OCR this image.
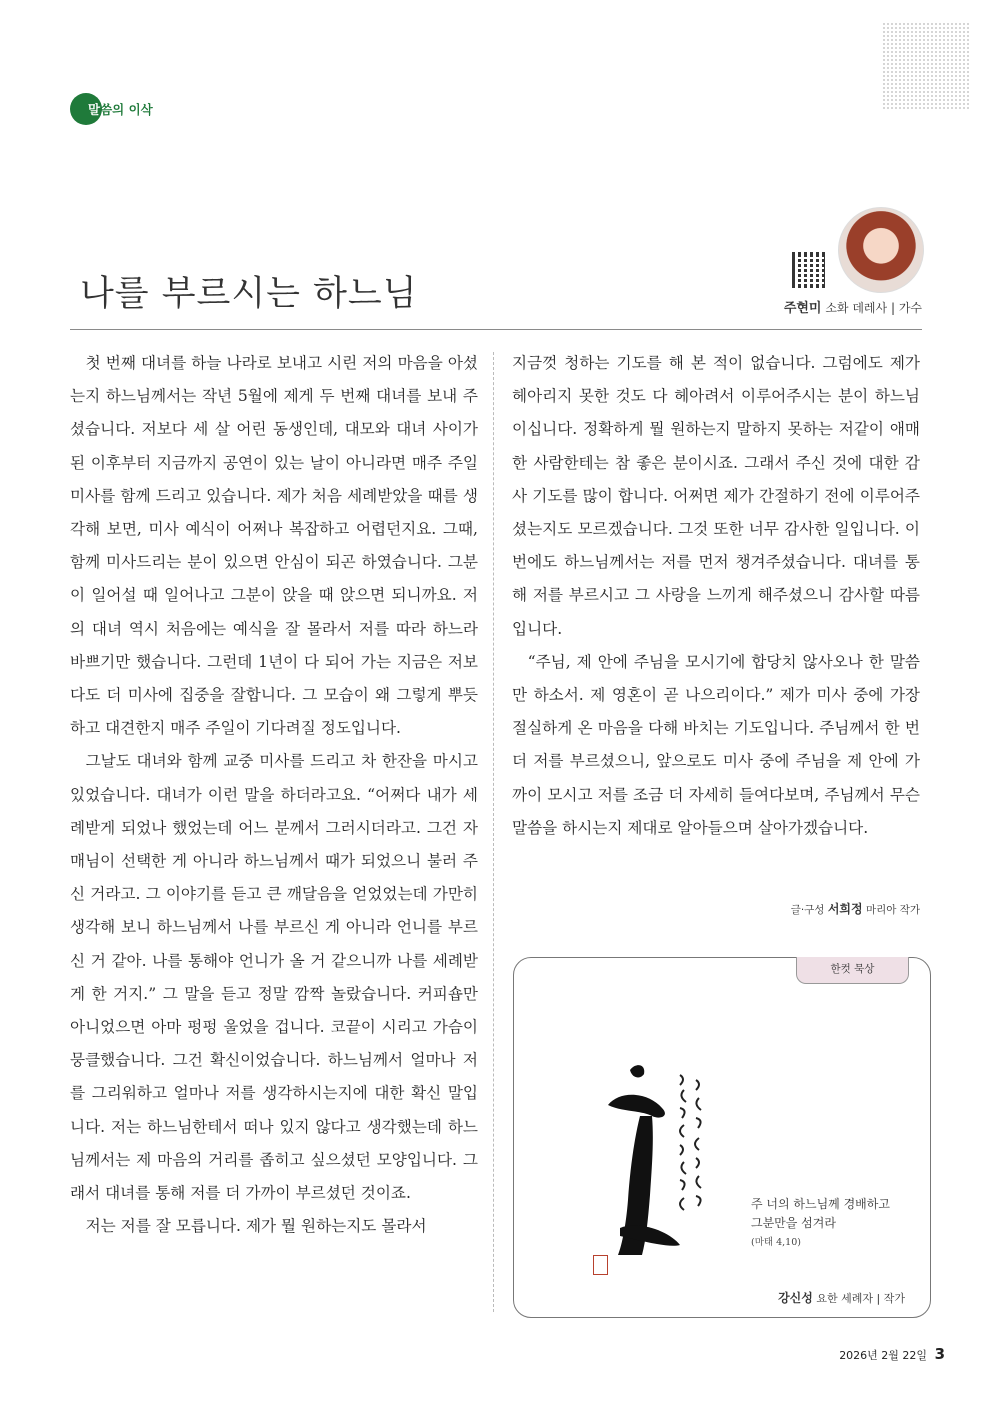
말씀의 이삭
나를 부르시는 하느님	주현미 소화 데레사 | 가수

첫 번째 대녀를 하늘 나라로 보내고 시린 저의 마음을 아셨는지 하느님께서는 작년 5월에 제게 두 번째 대녀를 보내 주셨습니다. 저보다 세 살 어린 동생인데, 대모와 대녀 사이가 된 이후부터 지금까지 공연이 있는 날이 아니라면 매주 주일미사를 함께 드리고 있습니다. 제가 처음 세례받았을 때를 생각해 보면, 미사 예식이 어쩌나 복잡하고 어렵던지요. 그때, 함께 미사드리는 분이 있으면 안심이 되곤 하였습니다. 그분이 일어설 때 일어나고 그분이 앉을 때 앉으면 되니까요. 저의 대녀 역시 처음에는 예식을 잘 몰라서 저를 따라 하느라 바쁘기만 했습니다. 그런데 1년이 다 되어 가는 지금은 저보다도 더 미사에 집중을 잘합니다. 그 모습이 왜 그렇게 뿌듯하고 대견한지 매주 주일이 기다려질 정도입니다.

그날도 대녀와 함께 교중 미사를 드리고 차 한잔을 마시고 있었습니다. 대녀가 이런 말을 하더라고요. “어쩌다 내가 세례받게 되었나 했었는데 어느 분께서 그러시더라고. 그건 자매님이 선택한 게 아니라 하느님께서 때가 되었으니 불러 주신 거라고. 그 이야기를 듣고 큰 깨달음을 얻었었는데 가만히 생각해 보니 하느님께서 나를 부르신 게 아니라 언니를 부르신 거 같아. 나를 통해야 언니가 올 거 같으니까 나를 세례받게 한 거지.” 그 말을 듣고 정말 깜짝 놀랐습니다. 커피숍만 아니었으면 아마 펑펑 울었을 겁니다. 코끝이 시리고 가슴이 뭉클했습니다. 그건 확신이었습니다. 하느님께서 얼마나 저를 그리워하고 얼마나 저를 생각하시는지에 대한 확신 말입니다. 저는 하느님한테서 떠나 있지 않다고 생각했는데 하느님께서는 제 마음의 거리를 좁히고 싶으셨던 모양입니다. 그래서 대녀를 통해 저를 더 가까이 부르셨던 것이죠.

저는 저를 잘 모릅니다. 제가 뭘 원하는지도 몰라서

지금껏 청하는 기도를 해 본 적이 없습니다. 그럼에도 제가 헤아리지 못한 것도 다 헤아려서 이루어주시는 분이 하느님이십니다. 정확하게 뭘 원하는지 말하지 못하는 저같이 애매한 사람한테는 참 좋은 분이시죠. 그래서 주신 것에 대한 감사 기도를 많이 합니다. 어쩌면 제가 간절하기 전에 이루어주셨는지도 모르겠습니다. 그것 또한 너무 감사한 일입니다. 이번에도 하느님께서는 저를 먼저 챙겨주셨습니다. 대녀를 통해 저를 부르시고 그 사랑을 느끼게 해주셨으니 감사할 따름입니다.

“주님, 제 안에 주님을 모시기에 합당치 않사오나 한 말씀만 하소서. 제 영혼이 곧 나으리이다.” 제가 미사 중에 가장 절실하게 온 마음을 다해 바치는 기도입니다. 주님께서 한 번 더 저를 부르셨으니, 앞으로도 미사 중에 주님을 제 안에 가까이 모시고 저를 조금 더 자세히 들여다보며, 주님께서 무슨 말씀을 하시는지 제대로 알아들으며 살아가겠습니다.

글·구성 서희정 마리아 작가
한컷 묵상
주 너의 하느님께 경배하고
그분만을 섬겨라
(마태 4,10)
강신성 요한 세례자 | 작가
2026년 2월 22일 3
